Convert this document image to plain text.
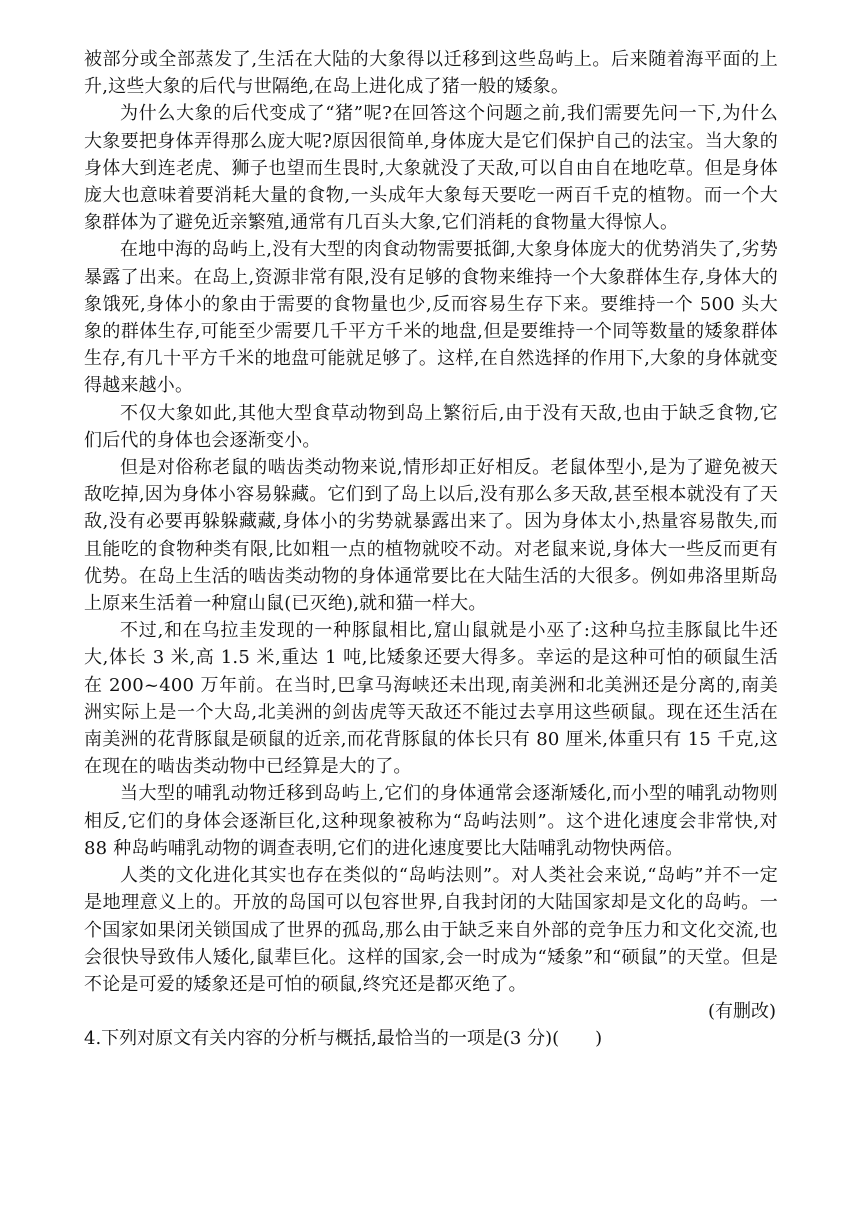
被部分或全部蒸发了,生活在大陆的大象得以迁移到这些岛屿上。后来随着海平面的上升,这些大象的后代与世隔绝,在岛上进化成了猪一般的矮象。

为什么大象的后代变成了“猪”呢?在回答这个问题之前,我们需要先问一下,为什么大象要把身体弄得那么庞大呢?原因很简单,身体庞大是它们保护自己的法宝。当大象的身体大到连老虎、狮子也望而生畏时,大象就没了天敌,可以自由自在地吃草。但是身体庞大也意味着要消耗大量的食物,一头成年大象每天要吃一两百千克的植物。而一个大象群体为了避免近亲繁殖,通常有几百头大象,它们消耗的食物量大得惊人。

在地中海的岛屿上,没有大型的肉食动物需要抵御,大象身体庞大的优势消失了,劣势暴露了出来。在岛上,资源非常有限,没有足够的食物来维持一个大象群体生存,身体大的象饿死,身体小的象由于需要的食物量也少,反而容易生存下来。要维持一个 500 头大象的群体生存,可能至少需要几千平方千米的地盘,但是要维持一个同等数量的矮象群体生存,有几十平方千米的地盘可能就足够了。这样,在自然选择的作用下,大象的身体就变得越来越小。

不仅大象如此,其他大型食草动物到岛上繁衍后,由于没有天敌,也由于缺乏食物,它们后代的身体也会逐渐变小。

但是对俗称老鼠的啮齿类动物来说,情形却正好相反。老鼠体型小,是为了避免被天敌吃掉,因为身体小容易躲藏。它们到了岛上以后,没有那么多天敌,甚至根本就没有了天敌,没有必要再躲躲藏藏,身体小的劣势就暴露出来了。因为身体太小,热量容易散失,而且能吃的食物种类有限,比如粗一点的植物就咬不动。对老鼠来说,身体大一些反而更有优势。在岛上生活的啮齿类动物的身体通常要比在大陆生活的大很多。例如弗洛里斯岛上原来生活着一种窟山鼠(已灭绝),就和猫一样大。

不过,和在乌拉圭发现的一种豚鼠相比,窟山鼠就是小巫了:这种乌拉圭豚鼠比牛还大,体长 3 米,高 1.5 米,重达 1 吨,比矮象还要大得多。幸运的是这种可怕的硕鼠生活在 200~400 万年前。在当时,巴拿马海峡还未出现,南美洲和北美洲还是分离的,南美洲实际上是一个大岛,北美洲的剑齿虎等天敌还不能过去享用这些硕鼠。现在还生活在南美洲的花背豚鼠是硕鼠的近亲,而花背豚鼠的体长只有 80 厘米,体重只有 15 千克,这在现在的啮齿类动物中已经算是大的了。

当大型的哺乳动物迁移到岛屿上,它们的身体通常会逐渐矮化,而小型的哺乳动物则相反,它们的身体会逐渐巨化,这种现象被称为“岛屿法则”。这个进化速度会非常快,对 88 种岛屿哺乳动物的调查表明,它们的进化速度要比大陆哺乳动物快两倍。

人类的文化进化其实也存在类似的“岛屿法则”。对人类社会来说,“岛屿”并不一定是地理意义上的。开放的岛国可以包容世界,自我封闭的大陆国家却是文化的岛屿。一个国家如果闭关锁国成了世界的孤岛,那么由于缺乏来自外部的竞争压力和文化交流,也会很快导致伟人矮化,鼠辈巨化。这样的国家,会一时成为“矮象”和“硕鼠”的天堂。但是不论是可爱的矮象还是可怕的硕鼠,终究还是都灭绝了。

(有删改)

4.下列对原文有关内容的分析与概括,最恰当的一项是(3 分)(　　)
